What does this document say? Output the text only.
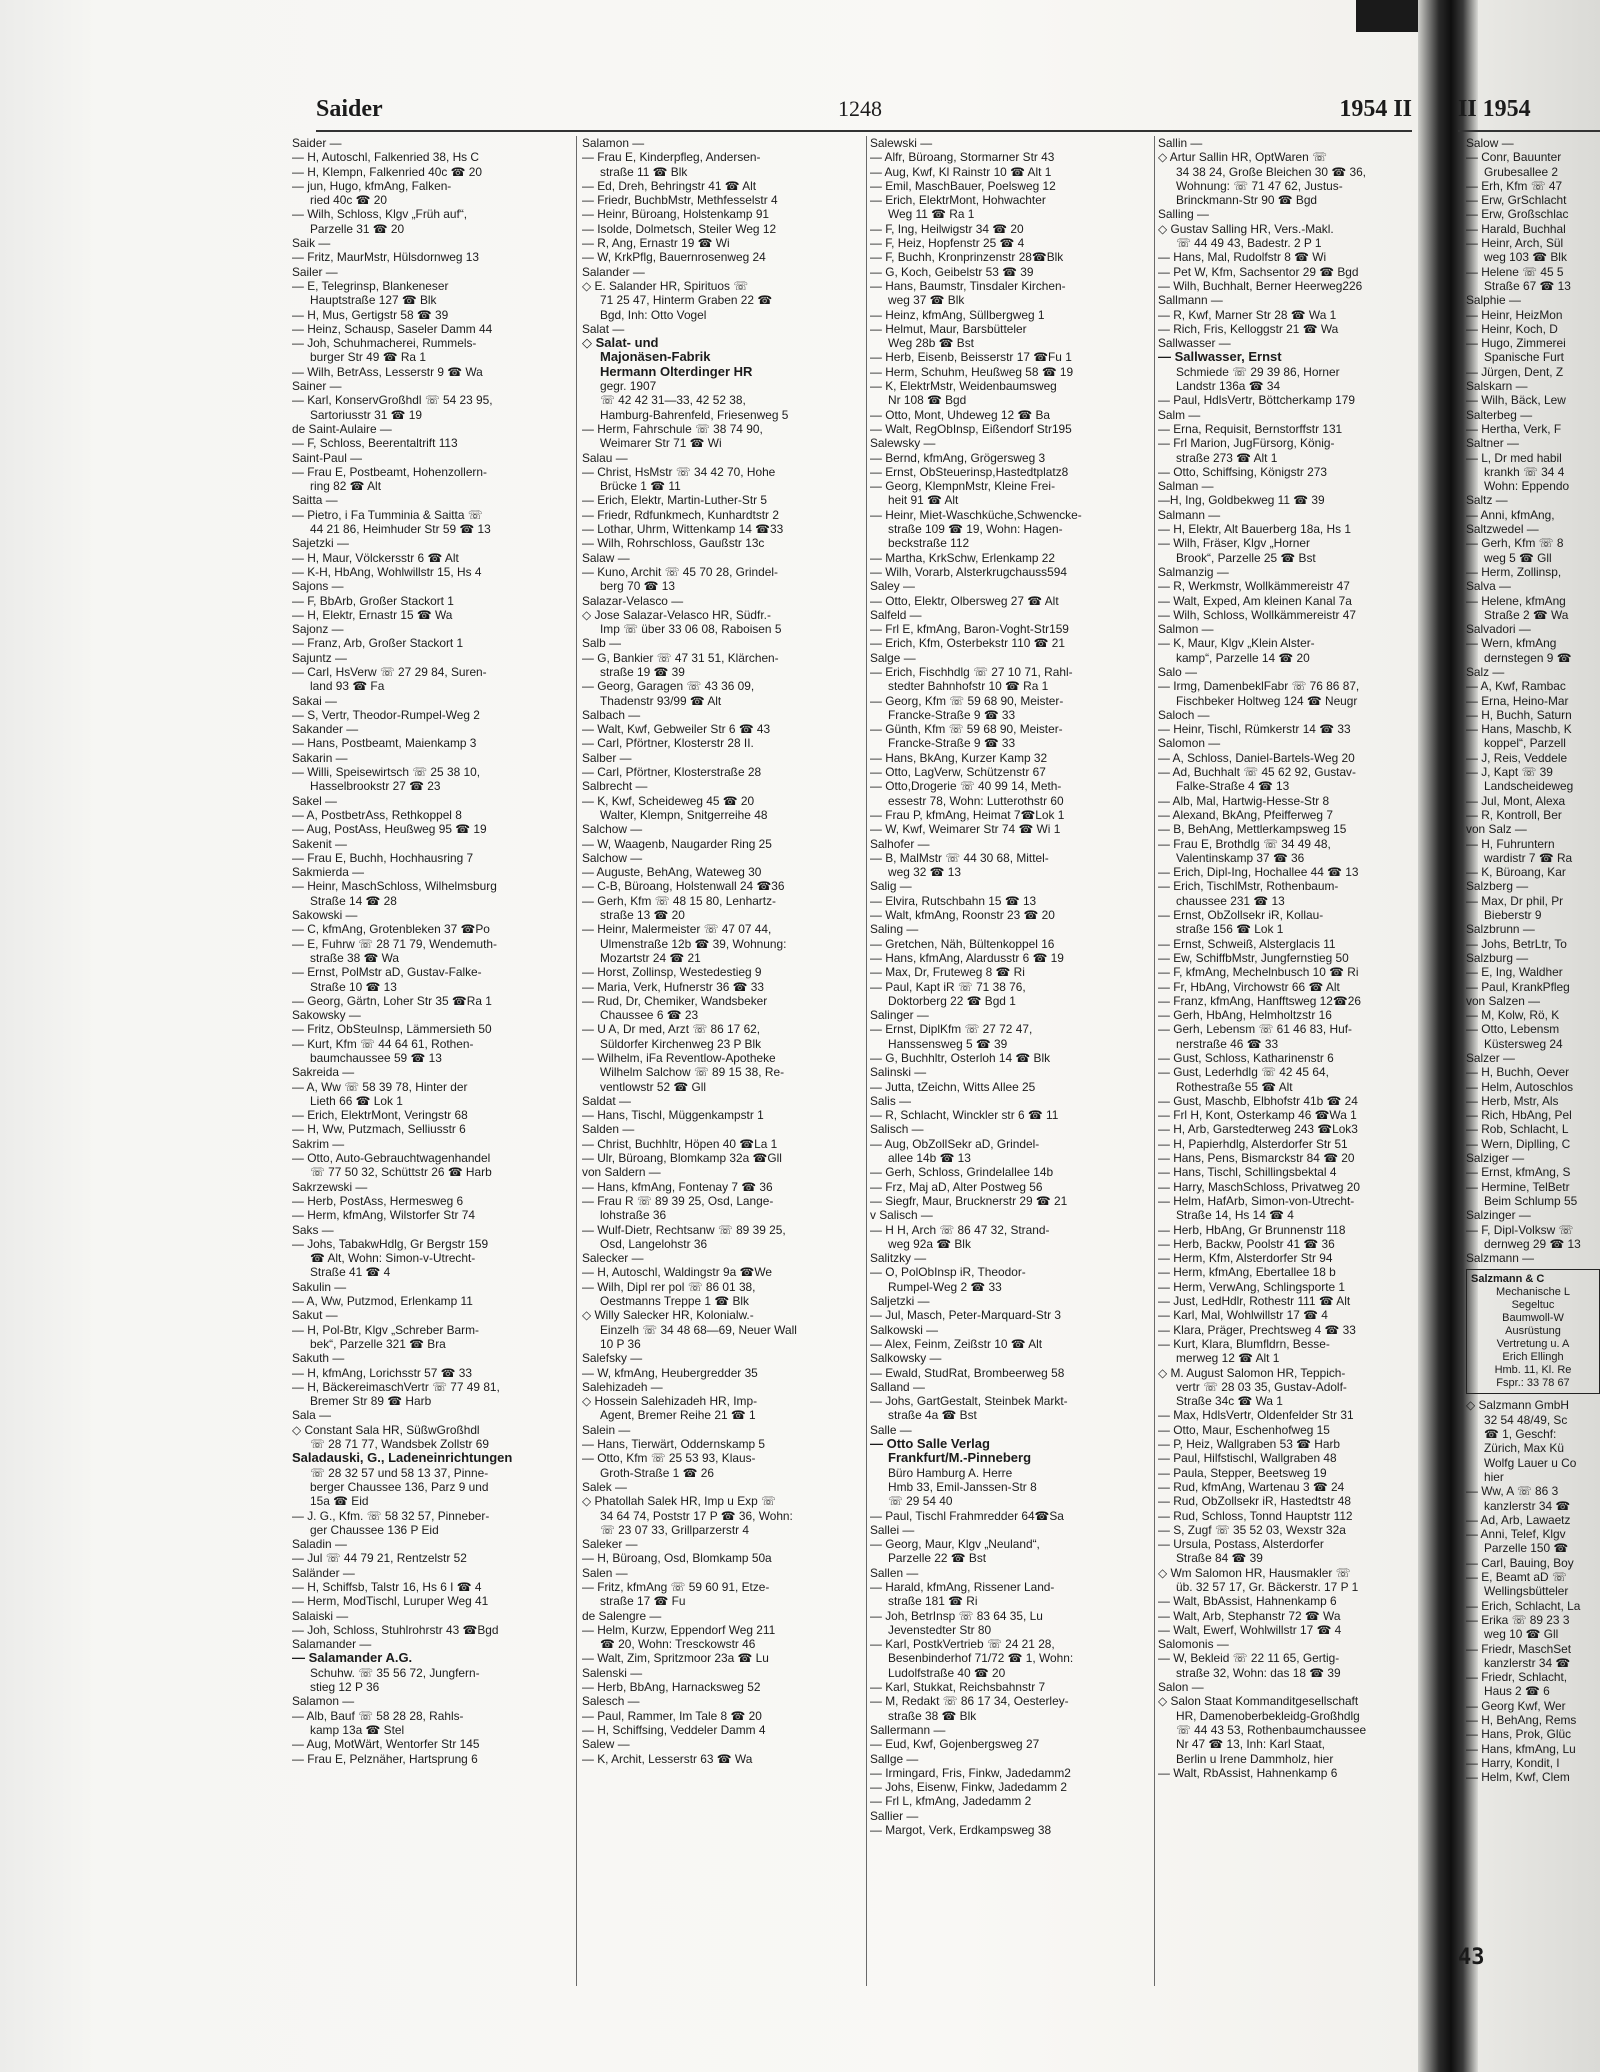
Saider	1248	1954 II
Saider —
— H, Autoschl, Falkenried 38, Hs C
— H, Klempn, Falkenried 40c ☎ 20
— jun, Hugo, kfmAng, Falken-
ried 40c ☎ 20
— Wilh, Schloss, Klgv „Früh auf“,
Parzelle 31 ☎ 20
Saik —
— Fritz, MaurMstr, Hülsdornweg 13
Sailer —
— E, Telegrinsp, Blankeneser
Hauptstraße 127 ☎ Blk
— H, Mus, Gertigstr 58 ☎ 39
— Heinz, Schausp, Saseler Damm 44
— Joh, Schuhmacherei, Rummels-
burger Str 49 ☎ Ra 1
— Wilh, BetrAss, Lesserstr 9 ☎ Wa
Sainer —
— Karl, KonservGroßhdl ☏ 54 23 95,
Sartoriusstr 31 ☎ 19
de Saint-Aulaire —
— F, Schloss, Beerentaltrift 113
Saint-Paul —
— Frau E, Postbeamt, Hohenzollern-
ring 82 ☎ Alt
Saitta —
— Pietro, i Fa Tumminia & Saitta ☏
44 21 86, Heimhuder Str 59 ☎ 13
Sajetzki —
— H, Maur, Völckersstr 6 ☎ Alt
— K-H, HbAng, Wohlwillstr 15, Hs 4
Sajons —
— F, BbArb, Großer Stackort 1
— H, Elektr, Ernastr 15 ☎ Wa
Sajonz —
— Franz, Arb, Großer Stackort 1
Sajuntz —
— Carl, HsVerw ☏ 27 29 84, Suren-
land 93 ☎ Fa
Sakai —
— S, Vertr, Theodor-Rumpel-Weg 2
Sakander —
— Hans, Postbeamt, Maienkamp 3
Sakarin —
— Willi, Speisewirtsch ☏ 25 38 10,
Hasselbrookstr 27 ☎ 23
Sakel —
— A, PostbetrAss, Rethkoppel 8
— Aug, PostAss, Heußweg 95 ☎ 19
Sakenit —
— Frau E, Buchh, Hochhausring 7
Sakmierda —
— Heinr, MaschSchloss, Wilhelmsburg
Straße 14 ☎ 28
Sakowski —
— C, kfmAng, Grotenbleken 37 ☎Po
— E, Fuhrw ☏ 28 71 79, Wendemuth-
straße 38 ☎ Wa
— Ernst, PolMstr aD, Gustav-Falke-
Straße 10 ☎ 13
— Georg, Gärtn, Loher Str 35 ☎Ra 1
Sakowsky —
— Fritz, ObSteuInsp, Lämmersieth 50
— Kurt, Kfm ☏ 44 64 61, Rothen-
baumchaussee 59 ☎ 13
Sakreida —
— A, Ww ☏ 58 39 78, Hinter der
Lieth 66 ☎ Lok 1
— Erich, ElektrMont, Veringstr 68
— H, Ww, Putzmach, Selliusstr 6
Sakrim —
— Otto, Auto-Gebrauchtwagenhandel
☏ 77 50 32, Schüttstr 26 ☎ Harb
Sakrzewski —
— Herb, PostAss, Hermesweg 6
— Herm, kfmAng, Wilstorfer Str 74
Saks —
— Johs, TabakwHdlg, Gr Bergstr 159
☎ Alt, Wohn: Simon-v-Utrecht-
Straße 41 ☎ 4
Sakulin —
— A, Ww, Putzmod, Erlenkamp 11
Sakut —
— H, Pol-Btr, Klgv „Schreber Barm-
bek“, Parzelle 321 ☎ Bra
Sakuth —
— H, kfmAng, Lorichsstr 57 ☎ 33
— H, BäckereimaschVertr ☏ 77 49 81,
Bremer Str 89 ☎ Harb
Sala —
◇ Constant Sala HR, SüßwGroßhdl
☏ 28 71 77, Wandsbek Zollstr 69
Saladauski, G., Ladeneinrichtungen
☏ 28 32 57 und 58 13 37, Pinne-
berger Chaussee 136, Parz 9 und
15a ☎ Eid
— J. G., Kfm. ☏ 58 32 57, Pinneber-
ger Chaussee 136 P Eid
Saladin —
— Jul ☏ 44 79 21, Rentzelstr 52
Saländer —
— H, Schiffsb, Talstr 16, Hs 6 I ☎ 4
— Herm, ModTischl, Luruper Weg 41
Salaiski —
— Joh, Schloss, Stuhlrohrstr 43 ☎Bgd
Salamander —
— Salamander A.G.
Schuhw. ☏ 35 56 72, Jungfern-
stieg 12 P 36
Salamon —
— Alb, Bauf ☏ 58 28 28, Rahls-
kamp 13a ☎ Stel
— Aug, MotWärt, Wentorfer Str 145
— Frau E, Pelznäher, Hartsprung 6
Salamon —
— Frau E, Kinderpfleg, Andersen-
straße 11 ☎ Blk
— Ed, Dreh, Behringstr 41 ☎ Alt
— Friedr, BuchbMstr, Methfesselstr 4
— Heinr, Büroang, Holstenkamp 91
— Isolde, Dolmetsch, Steiler Weg 12
— R, Ang, Ernastr 19 ☎ Wi
— W, KrkPflg, Bauernrosenweg 24
Salander —
◇ E. Salander HR, Spirituos ☏
71 25 47, Hinterm Graben 22 ☎
Bgd, Inh: Otto Vogel
Salat —
◇ Salat- und
Majonäsen-Fabrik
Hermann Olterdinger HR
gegr. 1907
☏ 42 42 31—33, 42 52 38,
Hamburg-Bahrenfeld, Friesenweg 5
— Herm, Fahrschule ☏ 38 74 90,
Weimarer Str 71 ☎ Wi
Salau —
— Christ, HsMstr ☏ 34 42 70, Hohe
Brücke 1 ☎ 11
— Erich, Elektr, Martin-Luther-Str 5
— Friedr, Rdfunkmech, Kunhardtstr 2
— Lothar, Uhrm, Wittenkamp 14 ☎33
— Wilh, Rohrschloss, Gaußstr 13c
Salaw —
— Kuno, Archit ☏ 45 70 28, Grindel-
berg 70 ☎ 13
Salazar-Velasco —
◇ Jose Salazar-Velasco HR, Südfr.-
Imp ☏ über 33 06 08, Raboisen 5
Salb —
— G, Bankier ☏ 47 31 51, Klärchen-
straße 19 ☎ 39
— Georg, Garagen ☏ 43 36 09,
Thadenstr 93/99 ☎ Alt
Salbach —
— Walt, Kwf, Gebweiler Str 6 ☎ 43
— Carl, Pförtner, Klosterstr 28 II.
Salber —
— Carl, Pförtner, Klosterstraße 28
Salbrecht —
— K, Kwf, Scheideweg 45 ☎ 20
Walter, Klempn, Snitgerreihe 48
Salchow —
— W, Waagenb, Naugarder Ring 25
Salchow —
— Auguste, BehAng, Wateweg 30
— C-B, Büroang, Holstenwall 24 ☎36
— Gerh, Kfm ☏ 48 15 80, Lenhartz-
straße 13 ☎ 20
— Heinr, Malermeister ☏ 47 07 44,
Ulmenstraße 12b ☎ 39, Wohnung:
Mozartstr 24 ☎ 21
— Horst, Zollinsp, Westedestieg 9
— Maria, Verk, Hufnerstr 36 ☎ 33
— Rud, Dr, Chemiker, Wandsbeker
Chaussee 6 ☎ 23
— U A, Dr med, Arzt ☏ 86 17 62,
Süldorfer Kirchenweg 23 P Blk
— Wilhelm, iFa Reventlow-Apotheke
Wilhelm Salchow ☏ 89 15 38, Re-
ventlowstr 52 ☎ Gll
Saldat —
— Hans, Tischl, Müggenkampstr 1
Salden —
— Christ, Buchhltr, Höpen 40 ☎La 1
— Ulr, Büroang, Blomkamp 32a ☎Gll
von Saldern —
— Hans, kfmAng, Fontenay 7 ☎ 36
— Frau R ☏ 89 39 25, Osd, Lange-
lohstraße 36
— Wulf-Dietr, Rechtsanw ☏ 89 39 25,
Osd, Langelohstr 36
Salecker —
— H, Autoschl, Waldingstr 9a ☎We
— Wilh, Dipl rer pol ☏ 86 01 38,
Oestmanns Treppe 1 ☎ Blk
◇ Willy Salecker HR, Kolonialw.-
Einzelh ☏ 34 48 68—69, Neuer Wall
10 P 36
Salefsky —
— W, kfmAng, Heubergredder 35
Salehizadeh —
◇ Hossein Salehizadeh HR, Imp-
Agent, Bremer Reihe 21 ☎ 1
Salein —
— Hans, Tierwärt, Oddernskamp 5
— Otto, Kfm ☏ 25 53 93, Klaus-
Groth-Straße 1 ☎ 26
Salek —
◇ Phatollah Salek HR, Imp u Exp ☏
34 64 74, Poststr 17 P ☎ 36, Wohn:
☏ 23 07 33, Grillparzerstr 4
Saleker —
— H, Büroang, Osd, Blomkamp 50a
Salen —
— Fritz, kfmAng ☏ 59 60 91, Etze-
straße 17 ☎ Fu
de Salengre —
— Helm, Kurzw, Eppendorf Weg 211
☎ 20, Wohn: Tresckowstr 46
— Walt, Zim, Spritzmoor 23a ☎ Lu
Salenski —
— Herb, BbAng, Harnacksweg 52
Salesch —
— Paul, Rammer, Im Tale 8 ☎ 20
— H, Schiffsing, Veddeler Damm 4
Salew —
— K, Archit, Lesserstr 63 ☎ Wa
Salewski —
— Alfr, Büroang, Stormarner Str 43
— Aug, Kwf, Kl Rainstr 10 ☎ Alt 1
— Emil, MaschBauer, Poelsweg 12
— Erich, ElektrMont, Hohwachter
Weg 11 ☎ Ra 1
— F, Ing, Heilwigstr 34 ☎ 20
— F, Heiz, Hopfenstr 25 ☎ 4
— F, Buchh, Kronprinzenstr 28☎Blk
— G, Koch, Geibelstr 53 ☎ 39
— Hans, Baumstr, Tinsdaler Kirchen-
weg 37 ☎ Blk
— Heinz, kfmAng, Süllbergweg 1
— Helmut, Maur, Barsbütteler
Weg 28b ☎ Bst
— Herb, Eisenb, Beisserstr 17 ☎Fu 1
— Herm, Schuhm, Heußweg 58 ☎ 19
— K, ElektrMstr, Weidenbaumsweg
Nr 108 ☎ Bgd
— Otto, Mont, Uhdeweg 12 ☎ Ba
— Walt, RegObInsp, Eißendorf Str195
Salewsky —
— Bernd, kfmAng, Grögersweg 3
— Ernst, ObSteuerinsp,Hastedtplatz8
— Georg, KlempnMstr, Kleine Frei-
heit 91 ☎ Alt
— Heinr, Miet-Waschküche,Schwencke-
straße 109 ☎ 19, Wohn: Hagen-
beckstraße 112
— Martha, KrkSchw, Erlenkamp 22
— Wilh, Vorarb, Alsterkrugchauss594
Saley —
— Otto, Elektr, Olbersweg 27 ☎ Alt
Salfeld —
— Frl E, kfmAng, Baron-Voght-Str159
— Erich, Kfm, Osterbekstr 110 ☎ 21
Salge —
— Erich, Fischhdlg ☏ 27 10 71, Rahl-
stedter Bahnhofstr 10 ☎ Ra 1
— Georg, Kfm ☏ 59 68 90, Meister-
Francke-Straße 9 ☎ 33
— Günth, Kfm ☏ 59 68 90, Meister-
Francke-Straße 9 ☎ 33
— Hans, BkAng, Kurzer Kamp 32
— Otto, LagVerw, Schützenstr 67
— Otto,Drogerie ☏ 40 99 14, Meth-
essestr 78, Wohn: Lutterothstr 60
— Frau P, kfmAng, Heimat 7☎Lok 1
— W, Kwf, Weimarer Str 74 ☎ Wi 1
Salhofer —
— B, MalMstr ☏ 44 30 68, Mittel-
weg 32 ☎ 13
Salig —
— Elvira, Rutschbahn 15 ☎ 13
— Walt, kfmAng, Roonstr 23 ☎ 20
Saling —
— Gretchen, Näh, Bültenkoppel 16
— Hans, kfmAng, Alardusstr 6 ☎ 19
— Max, Dr, Fruteweg 8 ☎ Ri
— Paul, Kapt iR ☏ 71 38 76,
Doktorberg 22 ☎ Bgd 1
Salinger —
— Ernst, DiplKfm ☏ 27 72 47,
Hanssensweg 5 ☎ 39
— G, Buchhltr, Osterloh 14 ☎ Blk
Salinski —
— Jutta, tZeichn, Witts Allee 25
Salis —
— R, Schlacht, Winckler str 6 ☎ 11
Salisch —
— Aug, ObZollSekr aD, Grindel-
allee 14b ☎ 13
— Gerh, Schloss, Grindelallee 14b
— Frz, Maj aD, Alter Postweg 56
— Siegfr, Maur, Brucknerstr 29 ☎ 21
v Salisch —
— H H, Arch ☏ 86 47 32, Strand-
weg 92a ☎ Blk
Salitzky —
— O, PolObInsp iR, Theodor-
Rumpel-Weg 2 ☎ 33
Saljetzki —
— Jul, Masch, Peter-Marquard-Str 3
Salkowski —
— Alex, Feinm, Zeißstr 10 ☎ Alt
Salkowsky —
— Ewald, StudRat, Brombeerweg 58
Salland —
— Johs, GartGestalt, Steinbek Markt-
straße 4a ☎ Bst
Salle —
— Otto Salle Verlag
Frankfurt/M.-Pinneberg
Büro Hamburg A. Herre
Hmb 33, Emil-Janssen-Str 8
☏ 29 54 40
— Paul, Tischl Frahmredder 64☎Sa
Sallei —
— Georg, Maur, Klgv „Neuland“,
Parzelle 22 ☎ Bst
Sallen —
— Harald, kfmAng, Rissener Land-
straße 181 ☎ Ri
— Joh, BetrInsp ☏ 83 64 35, Lu
Jevenstedter Str 80
— Karl, PostkVertrieb ☏ 24 21 28,
Besenbinderhof 71/72 ☎ 1, Wohn:
Ludolfstraße 40 ☎ 20
— Karl, Stukkat, Reichsbahnstr 7
— M, Redakt ☏ 86 17 34, Oesterley-
straße 38 ☎ Blk
Sallermann —
— Eud, Kwf, Gojenbergsweg 27
Sallge —
— Irmingard, Fris, Finkw, Jadedamm2
— Johs, Eisenw, Finkw, Jadedamm 2
— Frl L, kfmAng, Jadedamm 2
Sallier —
— Margot, Verk, Erdkampsweg 38
Sallin —
◇ Artur Sallin HR, OptWaren ☏
34 38 24, Große Bleichen 30 ☎ 36,
Wohnung: ☏ 71 47 62, Justus-
Brinckmann-Str 90 ☎ Bgd
Salling —
◇ Gustav Salling HR, Vers.-Makl.
☏ 44 49 43, Badestr. 2 P 1
— Hans, Mal, Rudolfstr 8 ☎ Wi
— Pet W, Kfm, Sachsentor 29 ☎ Bgd
— Wilh, Buchhalt, Berner Heerweg226
Sallmann —
— R, Kwf, Marner Str 28 ☎ Wa 1
— Rich, Fris, Kelloggstr 21 ☎ Wa
Sallwasser —
— Sallwasser, Ernst
Schmiede ☏ 29 39 86, Horner
Landstr 136a ☎ 34
— Paul, HdlsVertr, Böttcherkamp 179
Salm —
— Erna, Requisit, Bernstorffstr 131
— Frl Marion, JugFürsorg, König-
straße 273 ☎ Alt 1
— Otto, Schiffsing, Königstr 273
Salman —
—H, Ing, Goldbekweg 11 ☎ 39
Salmann —
— H, Elektr, Alt Bauerberg 18a, Hs 1
— Wilh, Fräser, Klgv „Horner
Brook“, Parzelle 25 ☎ Bst
Salmanzig —
— R, Werkmstr, Wollkämmereistr 47
— Walt, Exped, Am kleinen Kanal 7a
— Wilh, Schloss, Wollkämmereistr 47
Salmon —
— K, Maur, Klgv „Klein Alster-
kamp“, Parzelle 14 ☎ 20
Salo —
— Irmg, DamenbeklFabr ☏ 76 86 87,
Fischbeker Holtweg 124 ☎ Neugr
Saloch —
— Heinr, Tischl, Rümkerstr 14 ☎ 33
Salomon —
— A, Schloss, Daniel-Bartels-Weg 20
— Ad, Buchhalt ☏ 45 62 92, Gustav-
Falke-Straße 4 ☎ 13
— Alb, Mal, Hartwig-Hesse-Str 8
— Alexand, BkAng, Pfeifferweg 7
— B, BehAng, Mettlerkampsweg 15
— Frau E, Brothdlg ☏ 34 49 48,
Valentinskamp 37 ☎ 36
— Erich, Dipl-Ing, Hochallee 44 ☎ 13
— Erich, TischlMstr, Rothenbaum-
chaussee 231 ☎ 13
— Ernst, ObZollsekr iR, Kollau-
straße 156 ☎ Lok 1
— Ernst, Schweiß, Alsterglacis 11
— Ew, SchiffbMstr, Jungfernstieg 50
— F, kfmAng, Mechelnbusch 10 ☎ Ri
— Fr, HbAng, Virchowstr 66 ☎ Alt
— Franz, kfmAng, Hanfftsweg 12☎26
— Gerh, HbAng, Helmholtzstr 16
— Gerh, Lebensm ☏ 61 46 83, Huf-
nerstraße 46 ☎ 33
— Gust, Schloss, Katharinenstr 6
— Gust, Lederhdlg ☏ 42 45 64,
Rothestraße 55 ☎ Alt
— Gust, Maschb, Elbhofstr 41b ☎ 24
— Frl H, Kont, Osterkamp 46 ☎Wa 1
— H, Arb, Garstedterweg 243 ☎Lok3
— H, Papierhdlg, Alsterdorfer Str 51
— Hans, Pens, Bismarckstr 84 ☎ 20
— Hans, Tischl, Schillingsbektal 4
— Harry, MaschSchloss, Privatweg 20
— Helm, HafArb, Simon-von-Utrecht-
Straße 14, Hs 14 ☎ 4
— Herb, HbAng, Gr Brunnenstr 118
— Herb, Backw, Poolstr 41 ☎ 36
— Herm, Kfm, Alsterdorfer Str 94
— Herm, kfmAng, Ebertallee 18 b
— Herm, VerwAng, Schlingsporte 1
— Just, LedHdlr, Rothestr 111 ☎ Alt
— Karl, Mal, Wohlwillstr 17 ☎ 4
— Klara, Präger, Prechtsweg 4 ☎ 33
— Kurt, Klara, Blumfldrn, Besse-
merweg 12 ☎ Alt 1
◇ M. August Salomon HR, Teppich-
vertr ☏ 28 03 35, Gustav-Adolf-
Straße 34c ☎ Wa 1
— Max, HdlsVertr, Oldenfelder Str 31
— Otto, Maur, Eschenhofweg 15
— P, Heiz, Wallgraben 53 ☎ Harb
— Paul, Hilfstischl, Wallgraben 48
— Paula, Stepper, Beetsweg 19
— Rud, kfmAng, Wartenau 3 ☎ 24
— Rud, ObZollsekr iR, Hastedtstr 48
— Rud, Schloss, Tonnd Hauptstr 112
— S, Zugf ☏ 35 52 03, Wexstr 32a
— Ursula, Postass, Alsterdorfer
Straße 84 ☎ 39
◇ Wm Salomon HR, Hausmakler ☏
üb. 32 57 17, Gr. Bäckerstr. 17 P 1
— Walt, BbAssist, Hahnenkamp 6
— Walt, Arb, Stephanstr 72 ☎ Wa
— Walt, Ewerf, Wohlwillstr 17 ☎ 4
Salomonis —
— W, Bekleid ☏ 22 11 65, Gertig-
straße 32, Wohn: das 18 ☎ 39
Salon —
◇ Salon Staat Kommanditgesellschaft
HR, Damenoberbekleidg-Großhdlg
☏ 44 43 53, Rothenbaumchaussee
Nr 47 ☎ 13, Inh: Karl Staat,
Berlin u Irene Dammholz, hier
— Walt, RbAssist, Hahnenkamp 6
II 1954
Salow —
— Conr, Bauunter
Grubesallee 2
— Erh, Kfm ☏ 47
— Erw, GrSchlacht
— Erw, Großschlac
— Harald, Buchhal
— Heinr, Arch, Sül
weg 103 ☎ Blk
— Helene ☏ 45 5
Straße 67 ☎ 13
Salphie —
— Heinr, HeizMon
— Heinr, Koch, D
— Hugo, Zimmerei
Spanische Furt
— Jürgen, Dent, Z
Salskarn —
— Wilh, Bäck, Lew
Salterbeg —
— Hertha, Verk, F
Saltner —
— L, Dr med habil
krankh ☏ 34 4
Wohn: Eppendo
Saltz —
— Anni, kfmAng,
Saltzwedel —
— Gerh, Kfm ☏ 8
weg 5 ☎ Gll
— Herm, Zollinsp,
Salva —
— Helene, kfmAng
Straße 2 ☎ Wa
Salvadori —
— Wern, kfmAng
dernstegen 9 ☎
Salz —
— A, Kwf, Rambac
— Erna, Heino-Mar
— H, Buchh, Saturn
— Hans, Maschb, K
koppel“, Parzell
— J, Reis, Veddele
— J, Kapt ☏ 39
Landscheideweg
— Jul, Mont, Alexa
— R, Kontroll, Ber
von Salz —
— H, Fuhruntern
wardistr 7 ☎ Ra
— K, Büroang, Kar
Salzberg —
— Max, Dr phil, Pr
Bieberstr 9
Salzbrunn —
— Johs, BetrLtr, To
Salzburg —
— E, Ing, Waldher
— Paul, KrankPfleg
von Salzen —
— M, Kolw, Rö, K
— Otto, Lebensm
Küstersweg 24
Salzer —
— H, Buchh, Oever
— Helm, Autoschlos
— Herb, Mstr, Als
— Rich, HbAng, Pel
— Rob, Schlacht, L
— Wern, Diplling, C
Salziger —
— Ernst, kfmAng, S
— Hermine, TelBetr
Beim Schlump 55
Salzinger —
— F, Dipl-Volksw ☏
dernweg 29 ☎ 13
Salzmann —
Salzmann & C
Mechanische L
Segeltuc
Baumwoll-W
Ausrüstung
Vertretung u. A
Erich Ellingh
Hmb. 11, Kl. Re
Fspr.: 33 78 67
◇ Salzmann GmbH
32 54 48/49, Sc
☎ 1, Geschf:
Zürich, Max Kü
Wolfg Lauer u Co
hier
— Ww, A ☏ 86 3
kanzlerstr 34 ☎
— Ad, Arb, Lawaetz
— Anni, Telef, Klgv
Parzelle 150 ☎
— Carl, Bauing, Boy
— E, Beamt aD ☏
Wellingsbütteler
— Erich, Schlacht, La
— Erika ☏ 89 23 3
weg 10 ☎ Gll
— Friedr, MaschSet
kanzlerstr 34 ☎
— Friedr, Schlacht,
Haus 2 ☎ 6
— Georg Kwf, Wer
— H, BehAng, Rems
— Hans, Prok, Glüc
— Hans, kfmAng, Lu
— Harry, Kondit, I
— Helm, Kwf, Clem
43
